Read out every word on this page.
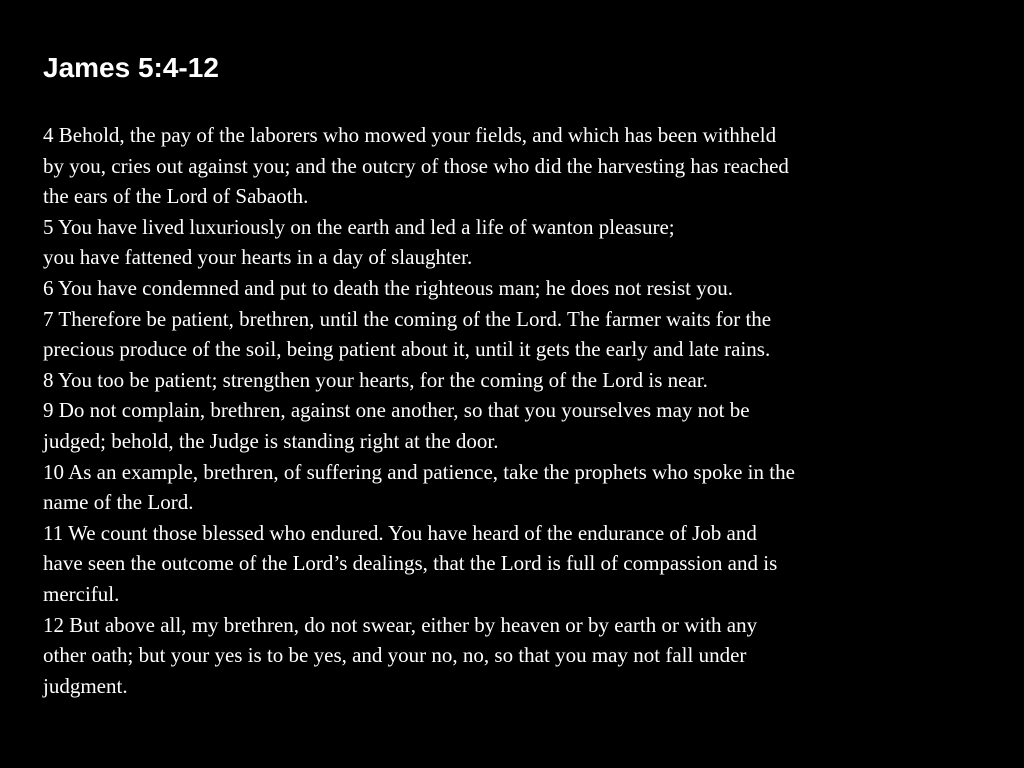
James 5:4-12
4 Behold, the pay of the laborers who mowed your fields, and which has been withheld
by you, cries out against you; and the outcry of those who did the harvesting has reached
the ears of the Lord of Sabaoth.
5 You have lived luxuriously on the earth and led a life of wanton pleasure;
you have fattened your hearts in a day of slaughter.
6 You have condemned and put to death the righteous man; he does not resist you.
7 Therefore be patient, brethren, until the coming of the Lord. The farmer waits for the
precious produce of the soil, being patient about it, until it gets the early and late rains.
8 You too be patient; strengthen your hearts, for the coming of the Lord is near.
9 Do not complain, brethren, against one another, so that you yourselves may not be
judged; behold, the Judge is standing right at the door.
10 As an example, brethren, of suffering and patience, take the prophets who spoke in the
name of the Lord.
11 We count those blessed who endured. You have heard of the endurance of Job and
have seen the outcome of the Lord’s dealings, that the Lord is full of compassion and is
merciful.
12 But above all, my brethren, do not swear, either by heaven or by earth or with any
other oath; but your yes is to be yes, and your no, no, so that you may not fall under
judgment.
